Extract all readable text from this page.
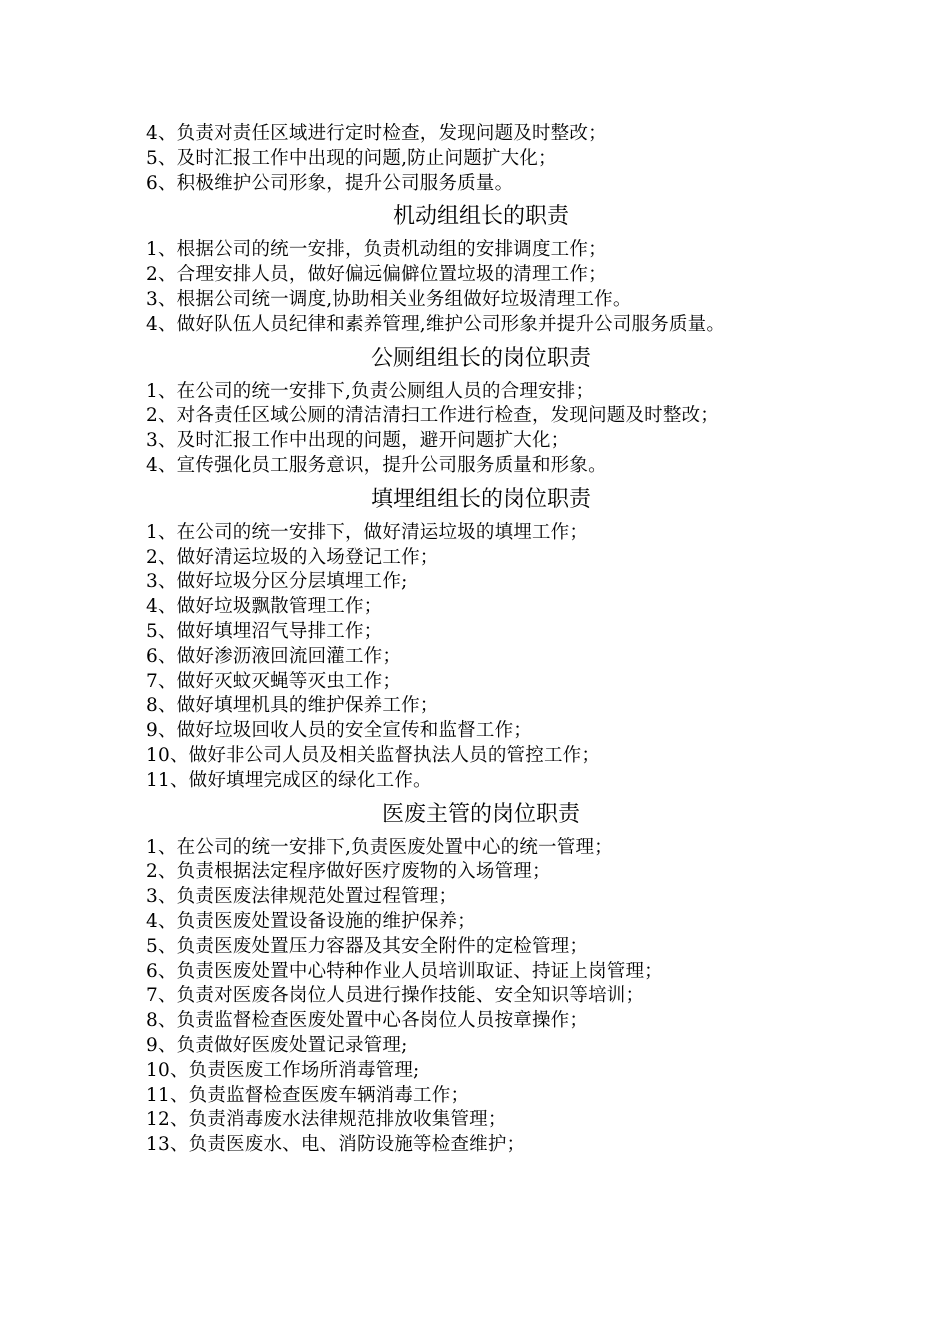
4、负责对责任区域进行定时检查，发现问题及时整改；
5、及时汇报工作中出现的问题,防止问题扩大化；
6、积极维护公司形象，提升公司服务质量。
机动组组长的职责
1、根据公司的统一安排，负责机动组的安排调度工作；
2、合理安排人员，做好偏远偏僻位置垃圾的清理工作；
3、根据公司统一调度,协助相关业务组做好垃圾清理工作。
4、做好队伍人员纪律和素养管理,维护公司形象并提升公司服务质量。
公厕组组长的岗位职责
1、在公司的统一安排下,负责公厕组人员的合理安排；
2、对各责任区域公厕的清洁清扫工作进行检查，发现问题及时整改；
3、及时汇报工作中出现的问题，避开问题扩大化；
4、宣传强化员工服务意识，提升公司服务质量和形象。
填埋组组长的岗位职责
1、在公司的统一安排下，做好清运垃圾的填埋工作；
2、做好清运垃圾的入场登记工作；
3、做好垃圾分区分层填埋工作;
4、做好垃圾飘散管理工作；
5、做好填埋沼气导排工作；
6、做好渗沥液回流回灌工作；
7、做好灭蚊灭蝇等灭虫工作；
8、做好填埋机具的维护保养工作；
9、做好垃圾回收人员的安全宣传和监督工作；
10、做好非公司人员及相关监督执法人员的管控工作；
11、做好填埋完成区的绿化工作。
医废主管的岗位职责
1、在公司的统一安排下,负责医废处置中心的统一管理；
2、负责根据法定程序做好医疗废物的入场管理；
3、负责医废法律规范处置过程管理；
4、负责医废处置设备设施的维护保养；
5、负责医废处置压力容器及其安全附件的定检管理；
6、负责医废处置中心特种作业人员培训取证、持证上岗管理；
7、负责对医废各岗位人员进行操作技能、安全知识等培训；
8、负责监督检查医废处置中心各岗位人员按章操作；
9、负责做好医废处置记录管理;
10、负责医废工作场所消毒管理;
11、负责监督检查医废车辆消毒工作；
12、负责消毒废水法律规范排放收集管理；
13、负责医废水、电、消防设施等检查维护；
